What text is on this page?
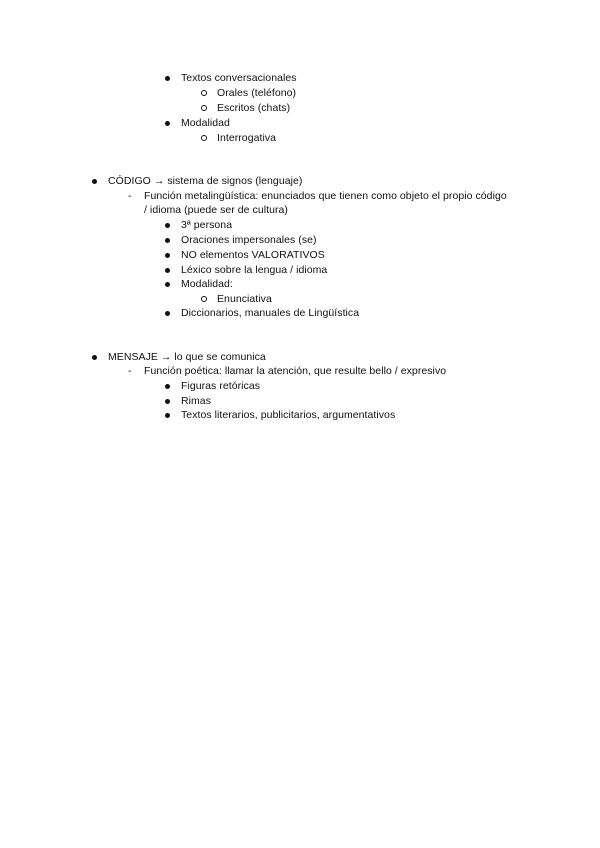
Textos conversacionales
Orales (teléfono)
Escritos (chats)
Modalidad
Interrogativa
CÓDIGO → sistema de signos (lenguaje)
- Función metalingüística: enunciados que tienen como objeto el propio código
/ idioma (puede ser de cultura)
3ª persona
Oraciones impersonales (se)
NO elementos VALORATIVOS
Léxico sobre la lengua / idioma
Modalidad:
Enunciativa
Diccionarios, manuales de Lingüística
MENSAJE → lo que se comunica
- Función poética: llamar la atención, que resulte bello / expresivo
Figuras retóricas
Rimas
Textos literarios, publicitarios, argumentativos
